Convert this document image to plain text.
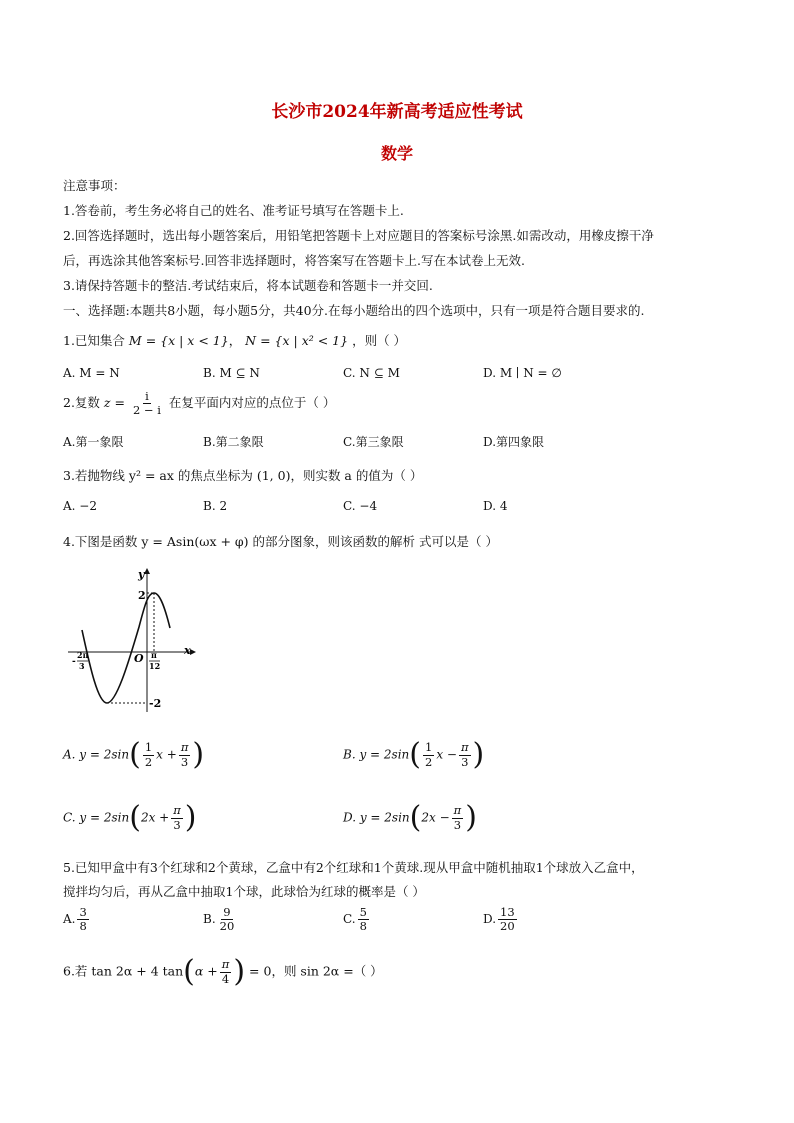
长沙市2024年新高考适应性考试
数学
注意事项：
1.答卷前，考生务必将自己的姓名、准考证号填写在答题卡上.
2.回答选择题时，选出每小题答案后，用铅笔把答题卡上对应题目的答案标号涂黑.如需改动，用橡皮擦干净
后，再选涂其他答案标号.回答非选择题时，将答案写在答题卡上.写在本试卷上无效.
3.请保持答题卡的整洁.考试结束后，将本试题卷和答题卡一并交回.
一、选择题:本题共8小题，每小题5分，共40分.在每小题给出的四个选项中，只有一项是符合题目要求的.
1.已知集合 M = {x | x < 1}， N = {x | x² < 1} ，则（ ）
A. M = N	B. M ⊆ N	C. N ⊆ M	D. M ∣ N = ∅
2.复数 $z = \frac{i}{2 - i}$ 在复平面内对应的点位于（ ）
A.第一象限	B.第二象限	C.第三象限	D.第四象限
3.若抛物线 y² = ax 的焦点坐标为 (1, 0)，则实数 a 的值为（ ）
A. −2	B. 2	C. −4	D. 4
4.下图是函数 y = Asin(ωx + φ) 的部分图象，则该函数的解析 式可以是（ ）
y
x
O
2
-2
-
2π
3
π
12
A. $y = 2\sin( \frac{1}{2}$ $x + \frac{\pi}{3}$ )	B. $y = 2\sin( \frac{1}{2}$ $x - \frac{\pi}{3}$ )
C. $y = 2\sin(2x + \frac{\pi}{3}$ )	D. $y = 2\sin(2x - \frac{\pi}{3}$ )
5.已知甲盒中有3个红球和2个黄球，乙盒中有2个红球和1个黄球.现从甲盒中随机抽取1个球放入乙盒中，
搅拌均匀后，再从乙盒中抽取1个球，此球恰为红球的概率是（ ）
A. $\frac{3}{8}$	B. $\frac{9}{20}$	C. $\frac{5}{8}$	D. $\frac{13}{20}$
6.若 tan 2α + 4 $\tan(\alpha + \frac{\pi}{4}$ ) = 0，则 sin 2α =（ ）
